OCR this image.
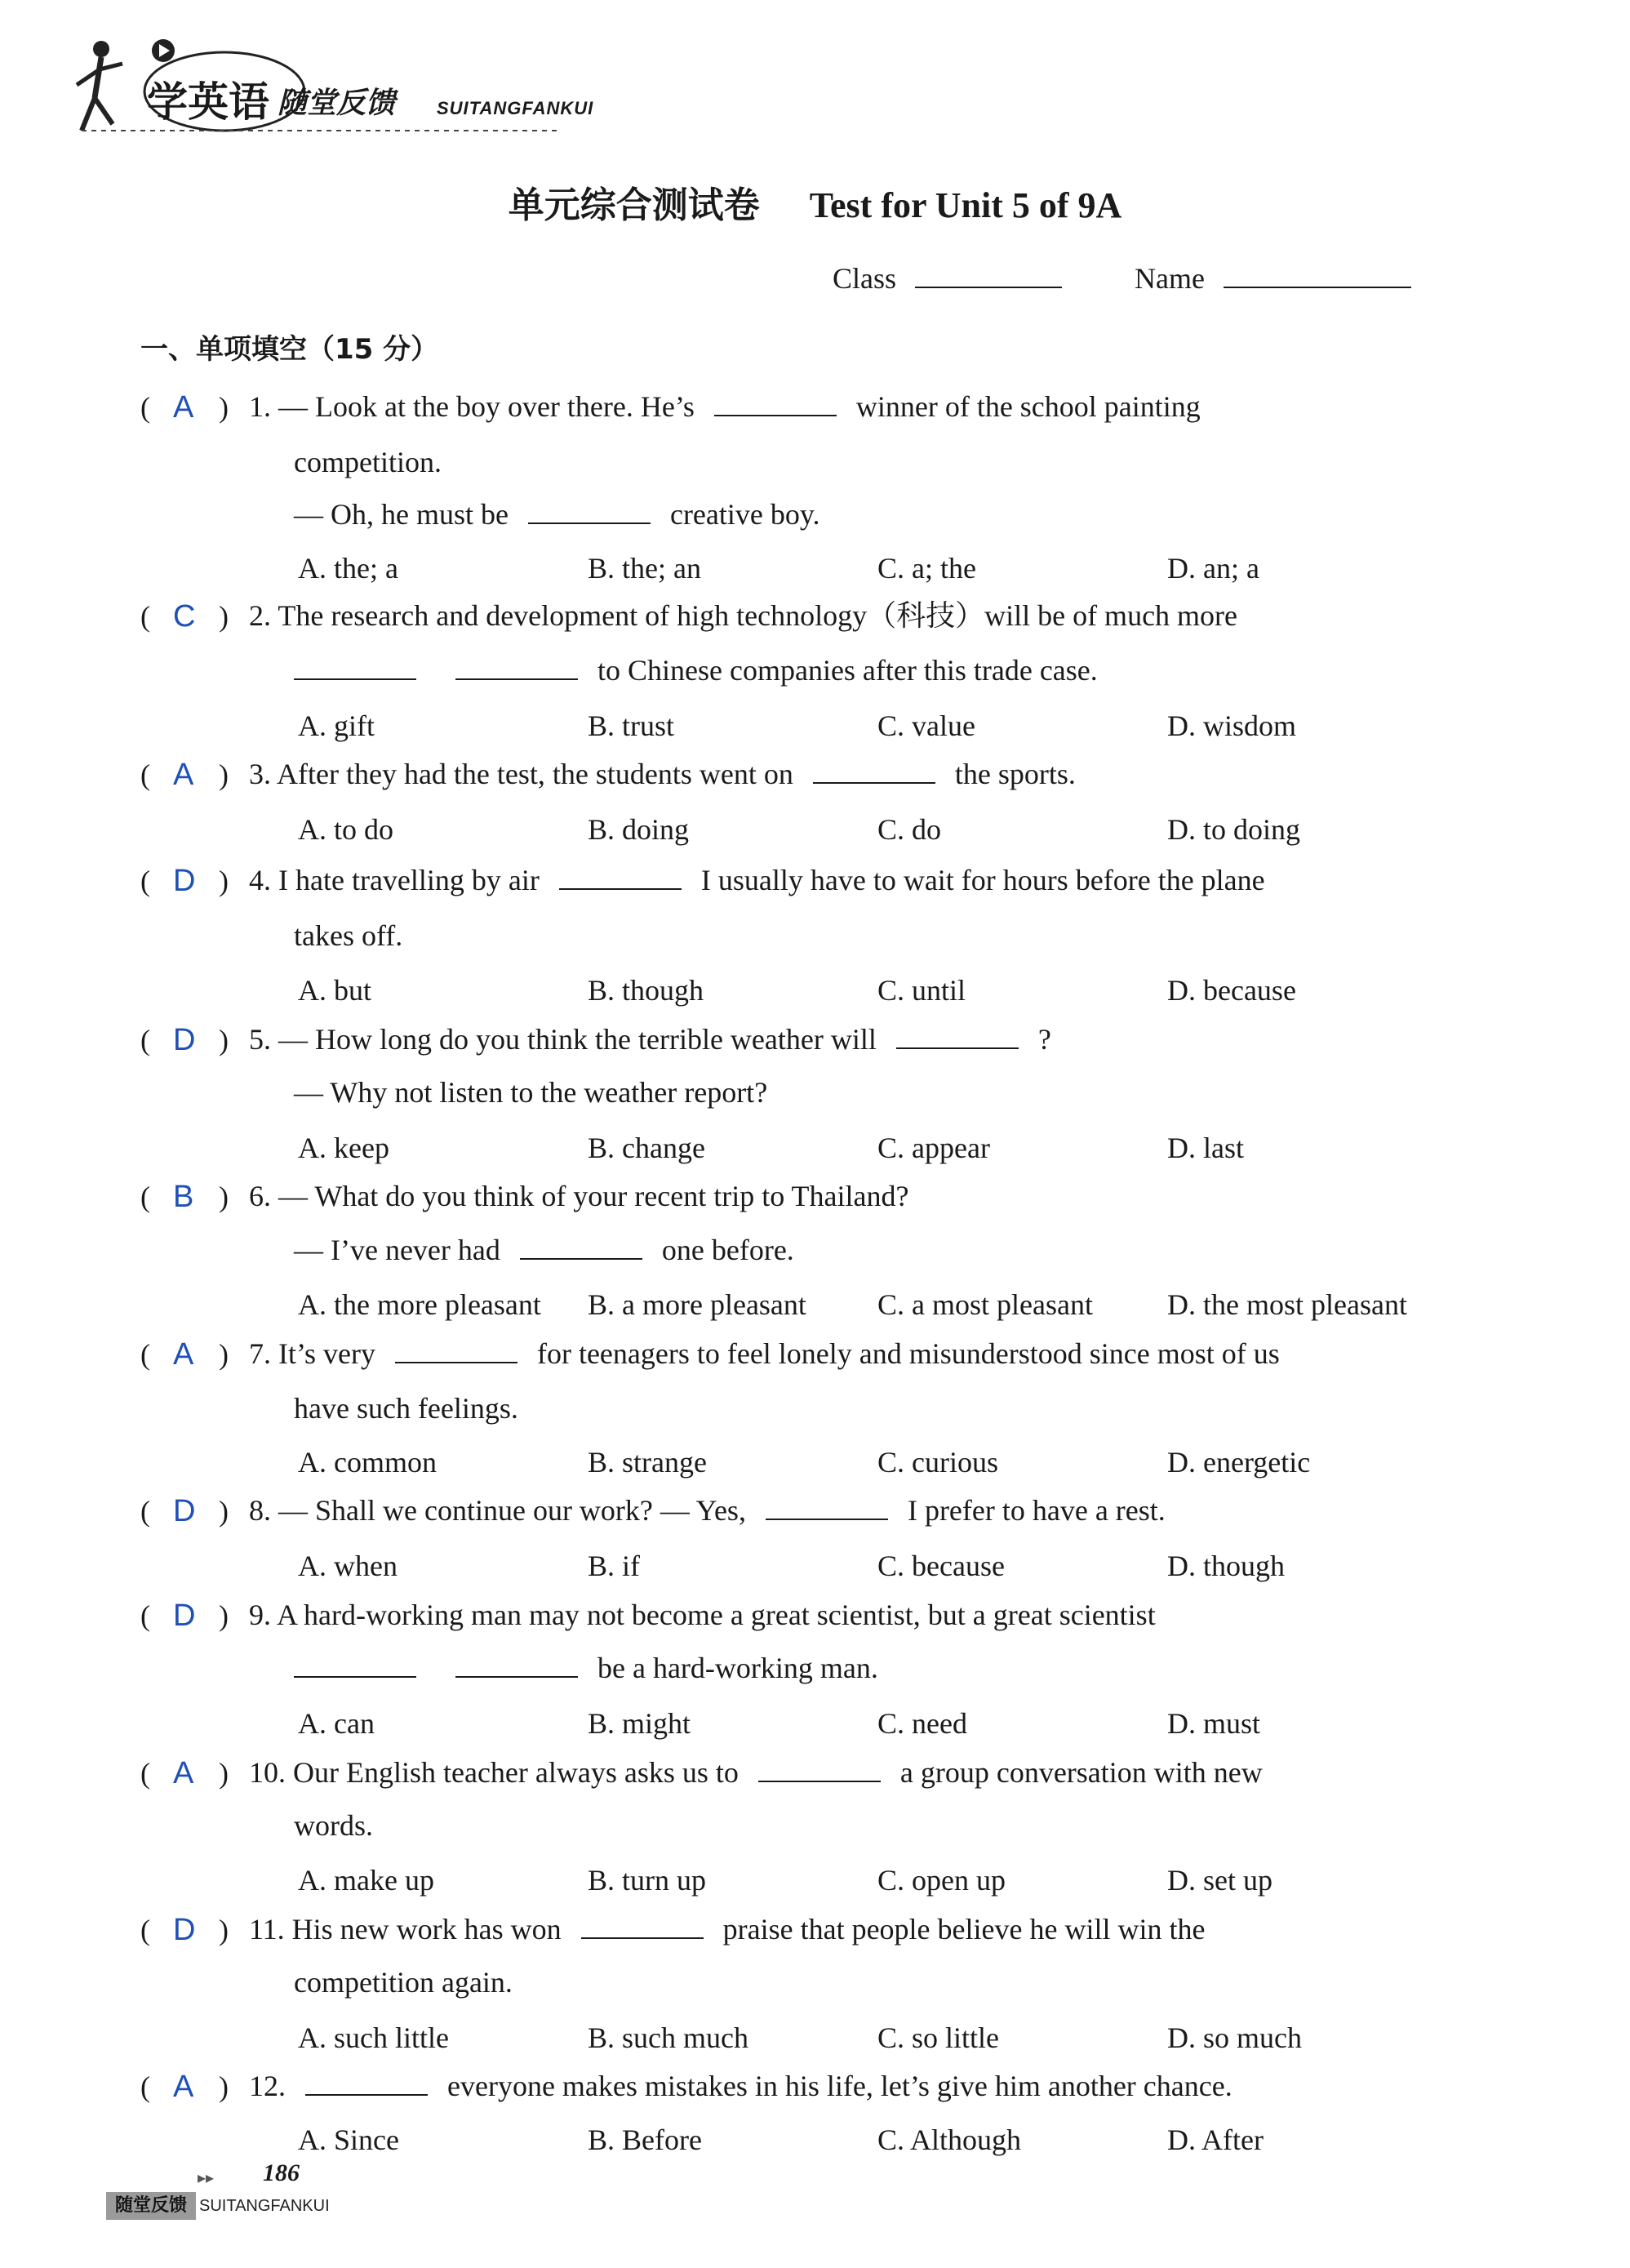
学英语 随堂反馈 SUITANGFANKUI
单元综合测试卷 Test for Unit 5 of 9A
Class	Name
一、单项填空（15 分）
( A ) 1. — Look at the boy over there. He’s	winner of the school painting
competition.
— Oh, he must be	creative boy.
A. the; a	B. the; an	C. a; the	D. an; a
( C ) 2. The research and development of high technology（科技）will be of much more
to Chinese companies after this trade case.
A. gift	B. trust	C. value	D. wisdom
( A ) 3. After they had the test, the students went on	the sports.
A. to do	B. doing	C. do	D. to doing
( D ) 4. I hate travelling by air	I usually have to wait for hours before the plane
takes off.
A. but	B. though	C. until	D. because
( D ) 5. — How long do you think the terrible weather will	?
— Why not listen to the weather report?
A. keep	B. change	C. appear	D. last
( B ) 6. — What do you think of your recent trip to Thailand?
— I’ve never had	one before.
A. the more pleasant B. a more pleasant C. a most pleasant	D. the most pleasant
( A ) 7. It’s very	for teenagers to feel lonely and misunderstood since most of us
have such feelings.
A. common	B. strange	C. curious	D. energetic
( D ) 8. — Shall we continue our work? — Yes,	I prefer to have a rest.
A. when	B. if	C. because	D. though
( D ) 9. A hard-working man may not become a great scientist, but a great scientist
be a hard-working man.
A. can	B. might	C. need	D. must
( A ) 10. Our English teacher always asks us to	a group conversation with new
words.
A. make up	B. turn up	C. open up	D. set up
( D ) 11. His new work has won	praise that people believe he will win the
competition again.
A. such little	B. such much	C. so little	D. so much
( A ) 12.	everyone makes mistakes in his life, let’s give him another chance.
A. Since	B. Before	C. Although	D. After
▸▸ 186
随堂反馈 SUITANGFANKUI
